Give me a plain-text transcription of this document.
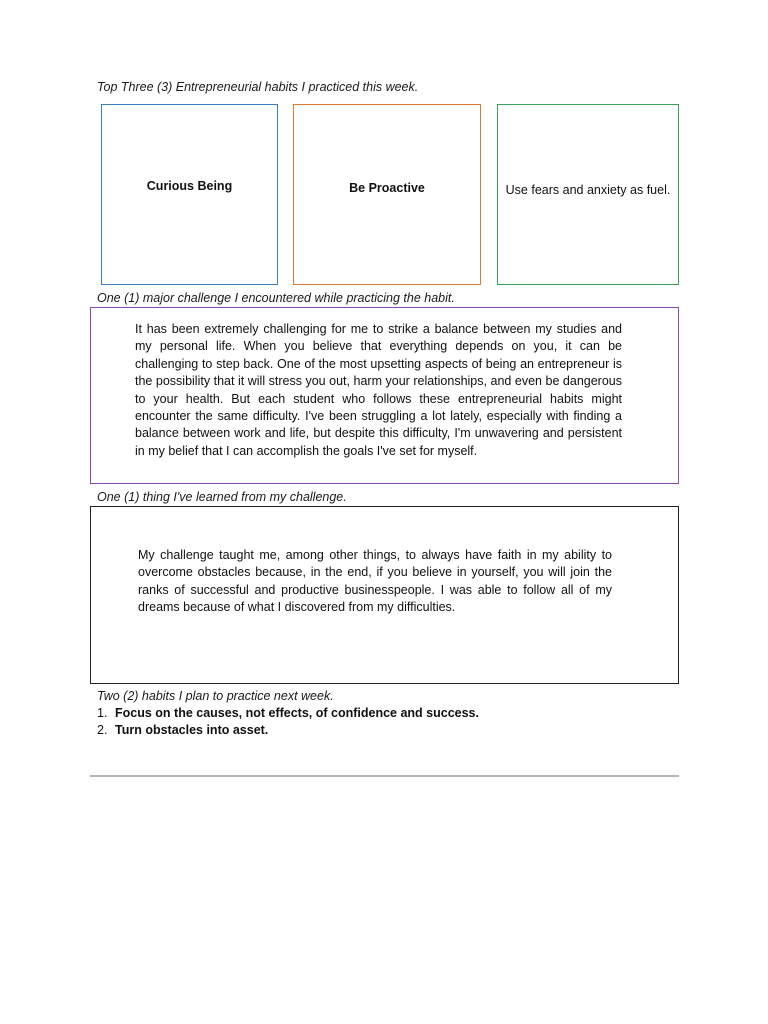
Top Three (3) Entrepreneurial habits I practiced this week.
Curious Being	Be Proactive	Use fears and anxiety as fuel.
One (1) major challenge I encountered while practicing the habit.
It has been extremely challenging for me to strike a balance between my studies and my personal life. When you believe that everything depends on you, it can be challenging to step back. One of the most upsetting aspects of being an entrepreneur is the possibility that it will stress you out, harm your relationships, and even be dangerous to your health. But each student who follows these entrepreneurial habits might encounter the same difficulty. I've been struggling a lot lately, especially with finding a balance between work and life, but despite this difficulty, I'm unwavering and persistent in my belief that I can accomplish the goals I've set for myself.
One (1) thing I've learned from my challenge.
My challenge taught me, among other things, to always have faith in my ability to overcome obstacles because, in the end, if you believe in yourself, you will join the ranks of successful and productive businesspeople. I was able to follow all of my dreams because of what I discovered from my difficulties.
Two (2) habits I plan to practice next week.
1. Focus on the causes, not effects, of confidence and success.
2. Turn obstacles into asset.
